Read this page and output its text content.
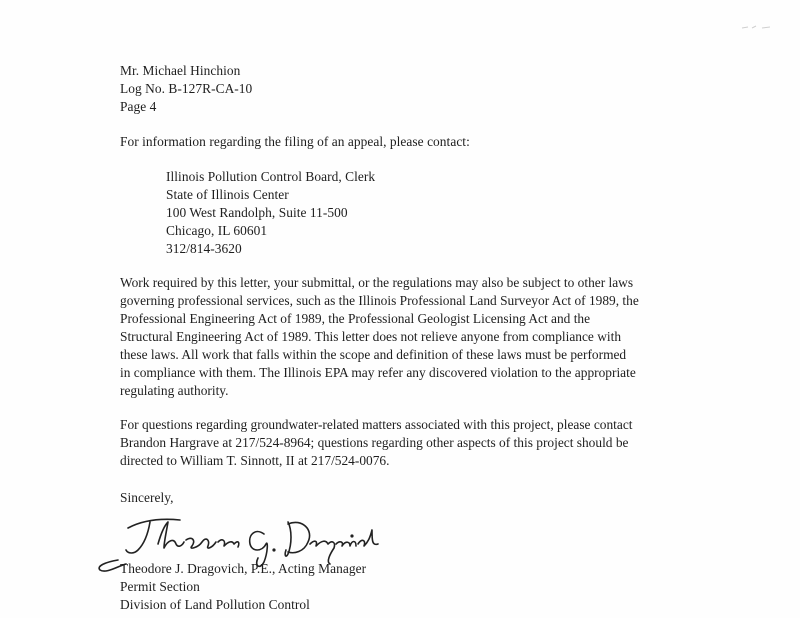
Mr. Michael Hinchion
Log No. B-127R-CA-10
Page 4
For information regarding the filing of an appeal, please contact:
Illinois Pollution Control Board, Clerk
State of Illinois Center
100 West Randolph, Suite 11-500
Chicago, IL 60601
312/814-3620
Work required by this letter, your submittal, or the regulations may also be subject to other laws
governing professional services, such as the Illinois Professional Land Surveyor Act of 1989, the
Professional Engineering Act of 1989, the Professional Geologist Licensing Act and the
Structural Engineering Act of 1989. This letter does not relieve anyone from compliance with
these laws. All work that falls within the scope and definition of these laws must be performed
in compliance with them. The Illinois EPA may refer any discovered violation to the appropriate
regulating authority.
For questions regarding groundwater-related matters associated with this project, please contact
Brandon Hargrave at 217/524-8964; questions regarding other aspects of this project should be
directed to William T. Sinnott, II at 217/524-0076.
Sincerely,
Theodore J. Dragovich, P.E., Acting Manager
Permit Section
Division of Land Pollution Control
